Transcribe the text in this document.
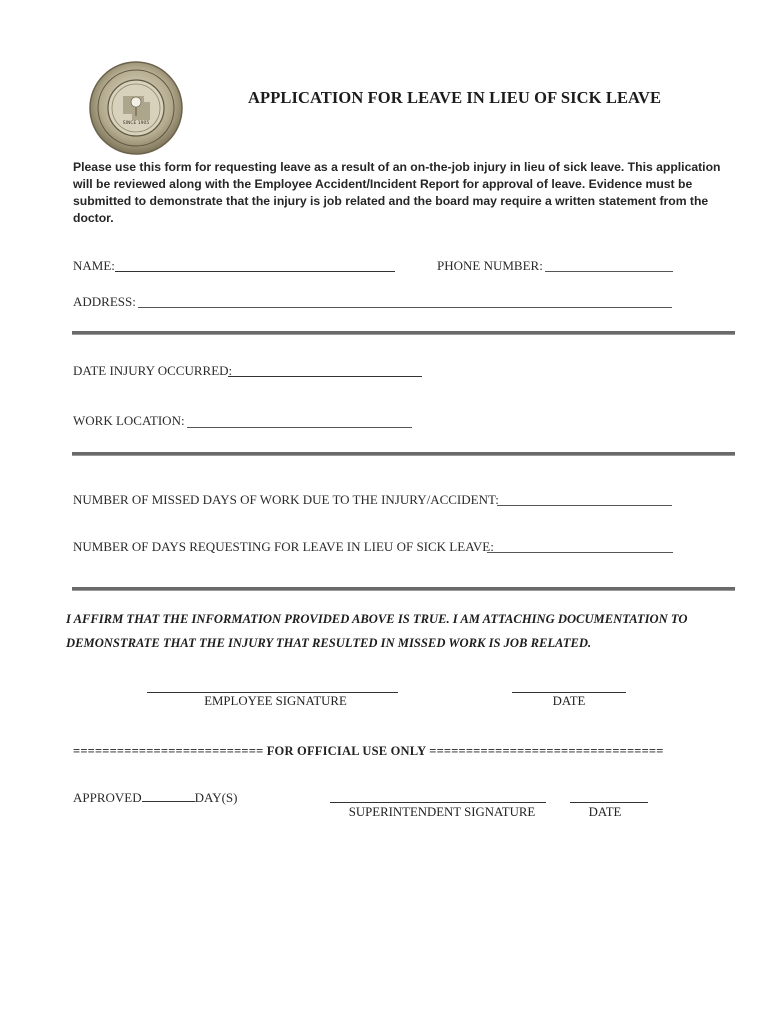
SINCE 1905
APPLICATION FOR LEAVE IN LIEU OF SICK LEAVE
Please use this form for requesting leave as a result of an on-the-job injury in lieu of sick leave. This application will be reviewed along with the Employee Accident/Incident Report for approval of leave. Evidence must be submitted to demonstrate that the injury is job related and the board may require a written statement from the doctor.
NAME:	PHONE NUMBER:
ADDRESS:
DATE INJURY OCCURRED:
WORK LOCATION:
NUMBER OF MISSED DAYS OF WORK DUE TO THE INJURY/ACCIDENT:
NUMBER OF DAYS REQUESTING FOR LEAVE IN LIEU OF SICK LEAVE:
I AFFIRM THAT THE INFORMATION PROVIDED ABOVE IS TRUE. I AM ATTACHING DOCUMENTATION TO
DEMONSTRATE THAT THE INJURY THAT RESULTED IN MISSED WORK IS JOB RELATED.
EMPLOYEE SIGNATURE	DATE
========================== FOR OFFICIAL USE ONLY ================================
APPROVED	DAY(S)
SUPERINTENDENT SIGNATURE	DATE
